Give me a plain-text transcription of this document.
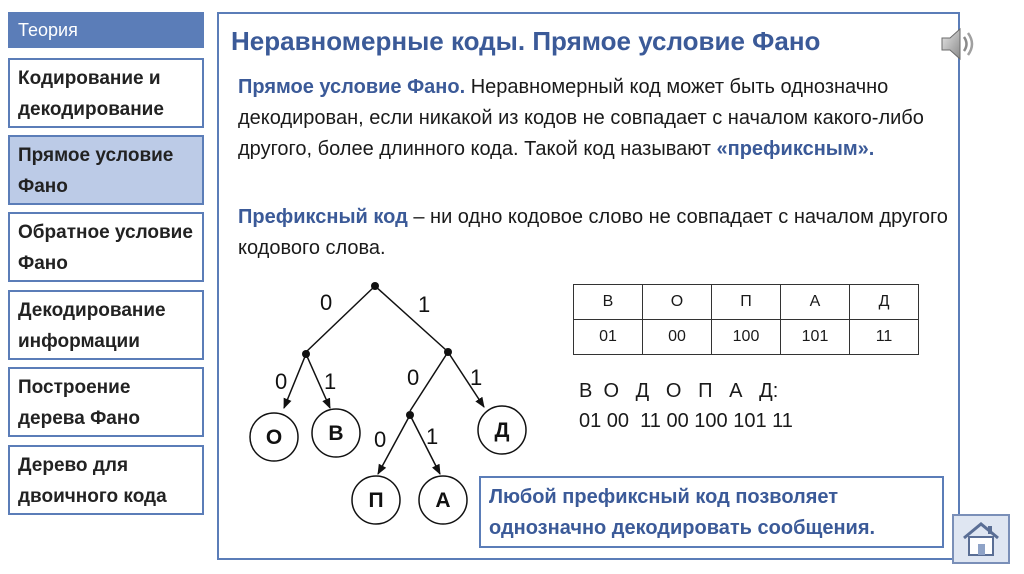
Теория
Кодирование и декодирование
Прямое условие Фано
Обратное условие Фано
Декодирование информации
Построение дерева Фано
Дерево для двоичного кода
Неравномерные коды. Прямое условие Фано
Прямое условие Фано. Неравномерный код может быть однозначно декодирован, если никакой из кодов не совпадает с началом какого-либо другого, более длинного кода. Такой код называют «префиксным».
Префиксный код – ни одно кодовое слово не совпадает с началом другого кодового слова.
0	1
0 1	0 1
0 1
О В	Д
П А
В	О	П	А	Д
01	00	100	101	11
В  О   Д   О   П   А   Д:
01 00  11 00 100 101 11
Любой префиксный код позволяет однозначно декодировать сообщения.
